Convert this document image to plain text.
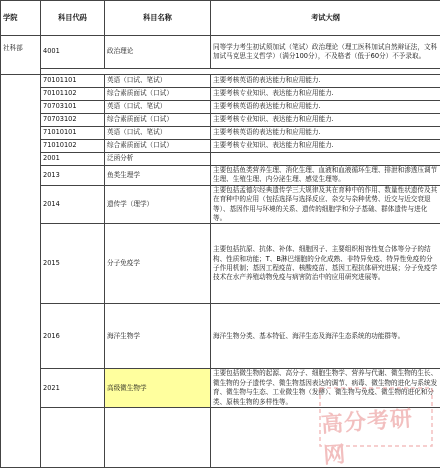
学院	科目代码	科目名称	考试大纲
社科部	4001	政治理论	同等学力考生初试须加试（笔试）政治理论（理工医科加试自然辩证法，文科加试马克思主义哲学）（满分100分），不及格者（低于60分）不予录取。

	70101101	英语（口试、笔试）	主要考核英语的表达能力和应用能力.
	70101102	综合素质面试（口试）	主要考核专业知识、表达能力和应用能力.
	70703101	英语（口试、笔试）	主要考核英语的表达能力和应用能力.
	70703102	综合素质面试（口试）	主要考核专业知识、表达能力和应用能力.
	71010101	英语（口试、笔试）	主要考核英语的表达能力和应用能力.
	71010102	综合素质面试（口试）	主要考核专业知识、表达能力和应用能力.
	2001	泛函分析	
	2013	鱼类生理学	主要包括鱼类营养生理、消化生理、血液和血液循环生理、排泄和渗透压调节生理、生殖生理、内分泌生理、感觉生理等。
	2014	遗传学（理学）	主要包括孟德尔经典遗传学三大规律及其在育种中的作用、数量性状遗传及其在育种中的应用（包括选择与选择反应、杂交与杂种优势、近交与近交衰退等）、基因作用与环境的关系、遗传的细胞学和分子基础、群体遗传与进化等。
	2015	分子免疫学	主要包括抗原、抗体、补体、细胞因子、主要组织相容性复合体等分子的结构、性质和功能；T、B淋巴细胞的分化成熟、非特异免疫、特异性免疫的分子作用机制；基因工程疫苗、核酸疫苗、基因工程抗体研究进展；分子免疫学技术在水产养殖动物免疫与病害防治中的应用研究进展等。
	2016	海洋生物学	海洋生物分类、基本特征、海洋生态及海洋生态系统的功能群等。
	2021	高级微生物学	主要包括微生物的起源、高分子、细胞生物学、营养与代谢、微生物的生长、微生物的分子遗传学、微生物基因表达的调节、病毒、微生物的进化与系统发育、微生物与生态、工业微生物（发酵）、微生物与免疫、微生物的进化和分类、原核生物的多样性等。

高分考研网
